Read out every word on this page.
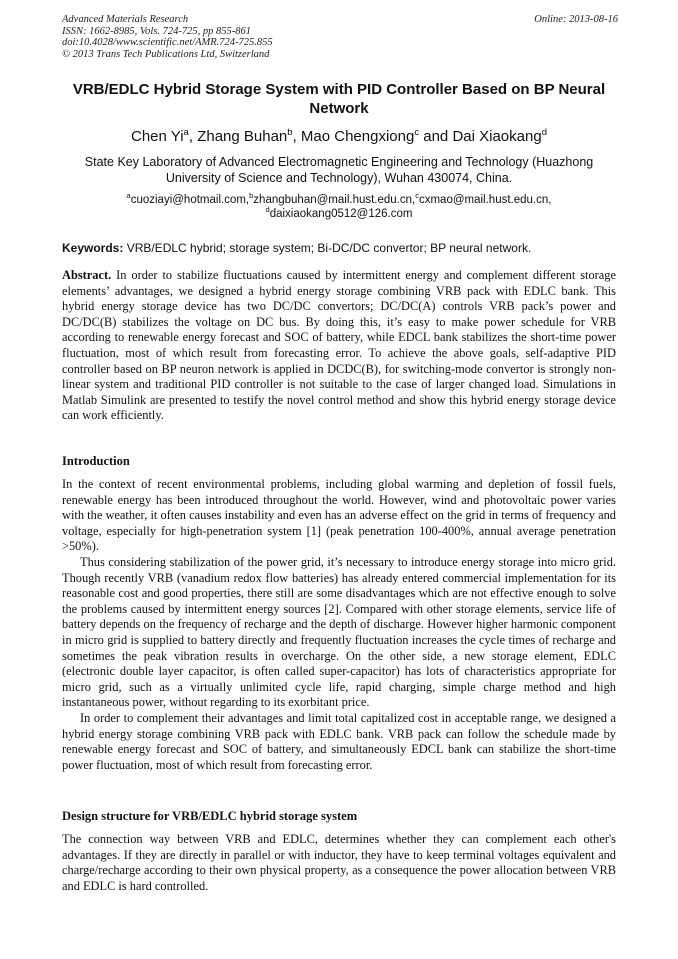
Advanced Materials Research
ISSN: 1662-8985, Vols. 724-725, pp 855-861
doi:10.4028/www.scientific.net/AMR.724-725.855
© 2013 Trans Tech Publications Ltd, Switzerland
Online: 2013-08-16
VRB/EDLC Hybrid Storage System with PID Controller Based on BP Neural Network
Chen Yi$^a$, Zhang Buhan$^b$, Mao Chengxiong$^c$ and Dai Xiaokang$^d$
State Key Laboratory of Advanced Electromagnetic Engineering and Technology (Huazhong University of Science and Technology), Wuhan 430074, China.
$^a$cuoziayi@hotmail.com,$^b$zhangbuhan@mail.hust.edu.cn,$^c$cxmao@mail.hust.edu.cn,
$^d$daixiaokang0512@126.com
Keywords: VRB/EDLC hybrid; storage system; Bi-DC/DC convertor; BP neural network.

Abstract. In order to stabilize fluctuations caused by intermittent energy and complement different storage elements’ advantages, we designed a hybrid energy storage combining VRB pack with EDLC bank. This hybrid energy storage device has two DC/DC convertors; DC/DC(A) controls VRB pack’s power and DC/DC(B) stabilizes the voltage on DC bus. By doing this, it’s easy to make power schedule for VRB according to renewable energy forecast and SOC of battery, while EDCL bank stabilizes the short-time power fluctuation, most of which result from forecasting error. To achieve the above goals, self-adaptive PID controller based on BP neuron network is applied in DCDC(B), for switching-mode convertor is strongly non-linear system and traditional PID controller is not suitable to the case of larger changed load. Simulations in Matlab Simulink are presented to testify the novel control method and show this hybrid energy storage device can work efficiently.

Introduction

In the context of recent environmental problems, including global warming and depletion of fossil fuels, renewable energy has been introduced throughout the world. However, wind and photovoltaic power varies with the weather, it often causes instability and even has an adverse effect on the grid in terms of frequency and voltage, especially for high-penetration system [1] (peak penetration 100-400%, annual average penetration >50%).

Thus considering stabilization of the power grid, it’s necessary to introduce energy storage into micro grid. Though recently VRB (vanadium redox flow batteries) has already entered commercial implementation for its reasonable cost and good properties, there still are some disadvantages which are not effective enough to solve the problems caused by intermittent energy sources [2]. Compared with other storage elements, service life of battery depends on the frequency of recharge and the depth of discharge. However higher harmonic component in micro grid is supplied to battery directly and frequently fluctuation increases the cycle times of recharge and sometimes the peak vibration results in overcharge. On the other side, a new storage element, EDLC (electronic double layer capacitor, is often called super-capacitor) has lots of characteristics appropriate for micro grid, such as a virtually unlimited cycle life, rapid charging, simple charge method and high instantaneous power, without regarding to its exorbitant price.

In order to complement their advantages and limit total capitalized cost in acceptable range, we designed a hybrid energy storage combining VRB pack with EDLC bank. VRB pack can follow the schedule made by renewable energy forecast and SOC of battery, and simultaneously EDCL bank can stabilize the short-time power fluctuation, most of which result from forecasting error.

Design structure for VRB/EDLC hybrid storage system

The connection way between VRB and EDLC, determines whether they can complement each other's advantages. If they are directly in parallel or with inductor, they have to keep terminal voltages equivalent and charge/recharge according to their own physical property, as a consequence the power allocation between VRB and EDLC is hard controlled.
